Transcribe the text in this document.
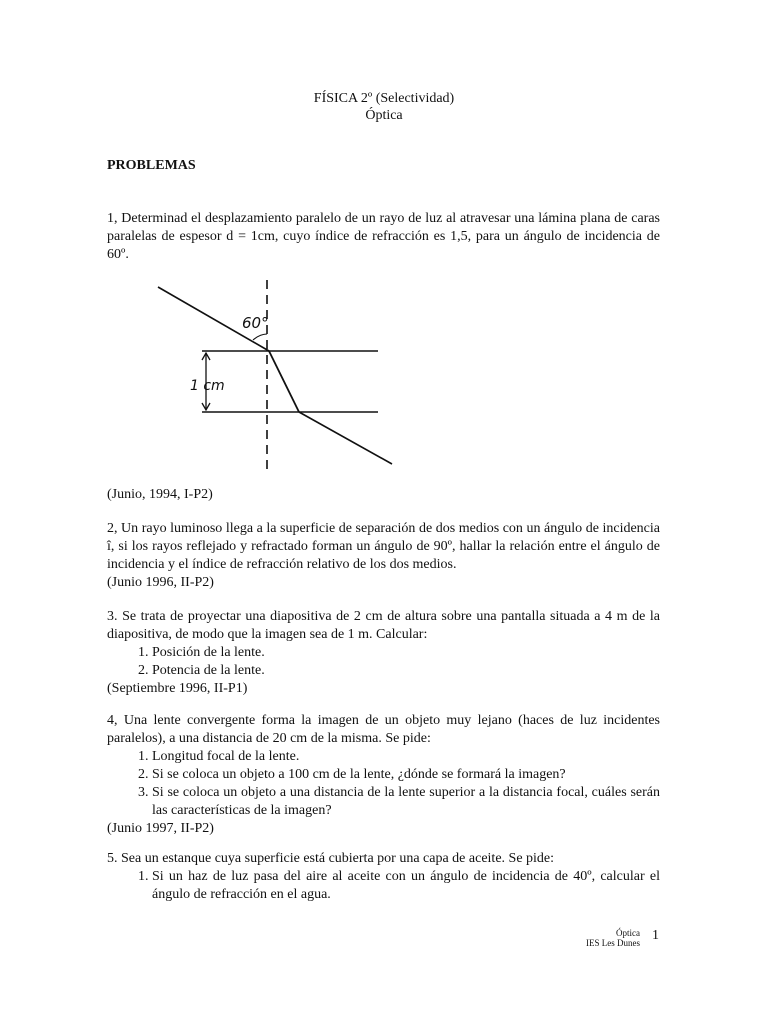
FÍSICA 2º (Selectividad)
Óptica
PROBLEMAS

1, Determinad el desplazamiento paralelo de un rayo de luz al atravesar una lámina plana de caras paralelas de espesor d = 1cm, cuyo índice de refracción es 1,5, para un ángulo de incidencia de 60º.

60°
1 cm

(Junio, 1994, I-P2)

2, Un rayo luminoso llega a la superficie de separación de dos medios con un ángulo de incidencia î, si los rayos reflejado y refractado forman un ángulo de 90º, hallar la relación entre el ángulo de incidencia y el índice de refracción relativo de los dos medios.

(Junio 1996, II-P2)

3. Se trata de proyectar una diapositiva de 2 cm de altura sobre una pantalla situada a 4 m de la diapositiva, de modo que la imagen sea de 1 m. Calcular:

1. Posición de la lente.
2. Potencia de la lente.

(Septiembre 1996, II-P1)

4, Una lente convergente forma la imagen de un objeto muy lejano (haces de luz incidentes paralelos), a una distancia de 20 cm de la misma. Se pide:

1. Longitud focal de la lente.
2. Si se coloca un objeto a 100 cm de la lente, ¿dónde se formará la imagen?
3. Si se coloca un objeto a una distancia de la lente superior a la distancia focal, cuáles serán las características de la imagen?

(Junio 1997, II-P2)

5. Sea un estanque cuya superficie está cubierta por una capa de aceite. Se pide:

1. Si un haz de luz pasa del aire al aceite con un ángulo de incidencia de 40º, calcular el ángulo de refracción en el agua.
Óptica
IES Les Dunes 1
